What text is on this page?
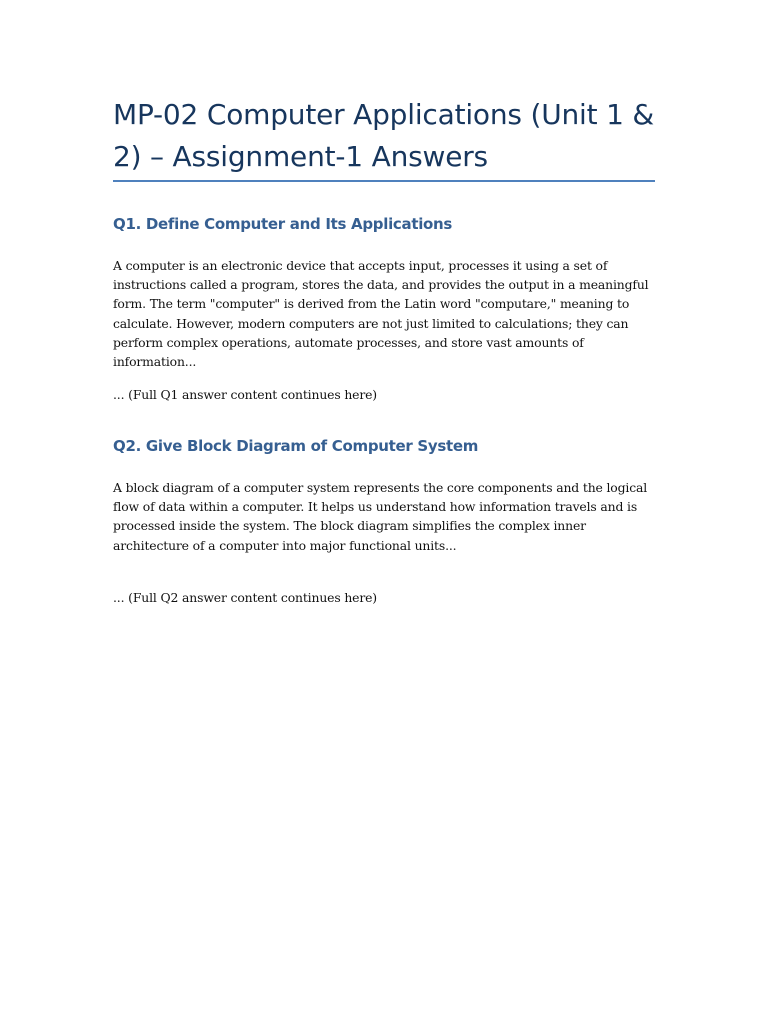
MP-02 Computer Applications (Unit 1 & 2) – Assignment-1 Answers
Q1. Define Computer and Its Applications

A computer is an electronic device that accepts input, processes it using a set of instructions called a program, stores the data, and provides the output in a meaningful form. The term "computer" is derived from the Latin word "computare," meaning to calculate. However, modern computers are not just limited to calculations; they can perform complex operations, automate processes, and store vast amounts of information...

... (Full Q1 answer content continues here)

Q2. Give Block Diagram of Computer System

A block diagram of a computer system represents the core components and the logical flow of data within a computer. It helps us understand how information travels and is processed inside the system. The block diagram simplifies the complex inner architecture of a computer into major functional units...

... (Full Q2 answer content continues here)
